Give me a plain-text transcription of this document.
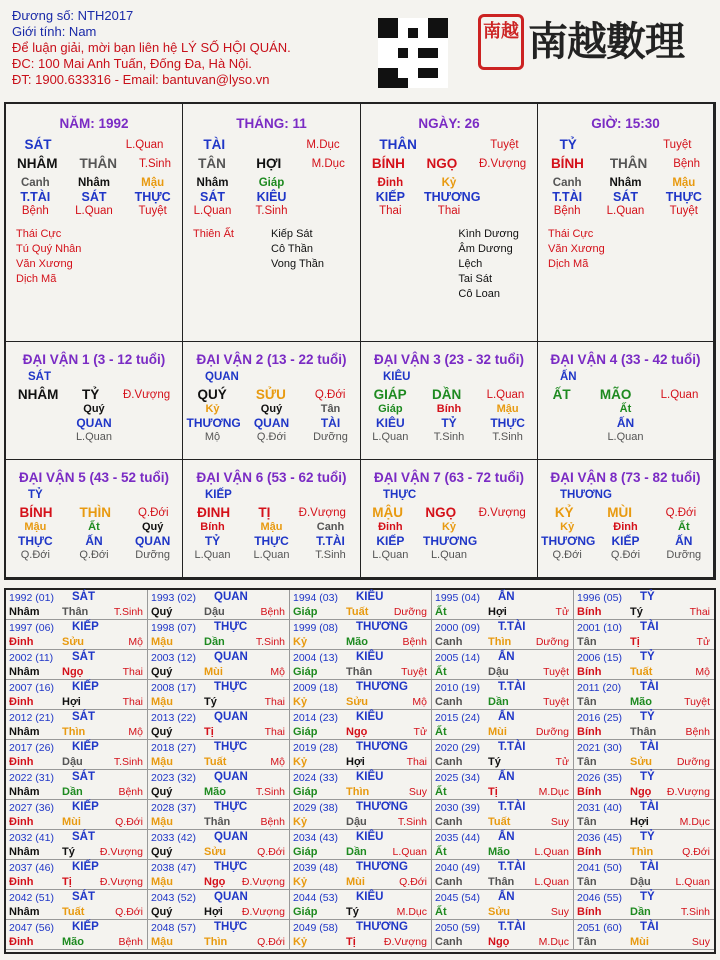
Đương số: NTH2017
Giới tính: Nam
Để luận giải, mời bạn liên hệ LÝ SỐ HỘI QUÁN.
ĐC: 100 Mai Anh Tuấn, Đống Đa, Hà Nội.
ĐT: 1900.633316 - Email: bantuvan@lyso.vn
南越 南越數理
NĂM: 1992
SÁT	L.Quan
NHÂM THÂN T.Sinh
Canh	Nhâm	Mậu
T.TÀI	SÁT	THỰC
Bệnh	L.Quan	Tuyệt
Thái Cực
Tú Quý Nhân
Văn Xương
Dịch Mã
THÁNG: 11
TÀI	M.Dục
TÂN HỢI	M.Dục
Nhâm	Giáp
SÁT	KIÊU
L.Quan	T.Sinh
Thiên Ất	Kiếp Sát
Cô Thần
Vong Thần
NGÀY: 26
THÂN	Tuyệt
BÍNH NGỌ Đ.Vượng
Đinh	Kỷ
KIẾP	THƯƠNG
Thai	Thai
Kình Dương
Âm Dương Lệch
Tai Sát
Cô Loan
GIỜ: 15:30
TỶ	Tuyệt
BÍNH THÂN Bệnh
Canh	Nhâm	Mậu
T.TÀI	SÁT	THỰC
Bệnh	L.Quan	Tuyệt
Thái Cực
Văn Xương
Dịch Mã
ĐẠI VẬN 1 (3 - 12 tuổi)
SÁT
NHÂM TỶ Đ.Vượng
Quý
QUAN
L.Quan
ĐẠI VẬN 2 (13 - 22 tuổi)
QUAN
QUÝ SỬU	Q.Đới
Kỷ	Quý	Tân
THƯƠNG	QUAN	TÀI
Mộ	Q.Đới	Dưỡng
ĐẠI VẬN 3 (23 - 32 tuổi)
KIÊU
GIÁP DẦN L.Quan
Giáp	Bính	Mậu
KIÊU	TỶ	THỰC
L.Quan	T.Sinh	T.Sinh
ĐẠI VẬN 4 (33 - 42 tuổi)
ẤN
ẤT MÃO	L.Quan
Ất
ẤN
L.Quan
ĐẠI VẬN 5 (43 - 52 tuổi)
TỶ
BÍNH THÌN Q.Đới
Mậu	Ất	Quý
THỰC	ẤN	QUAN
Q.Đới	Q.Đới	Dưỡng
ĐẠI VẬN 6 (53 - 62 tuổi)
KIẾP
ĐINH TỊ Đ.Vượng
Bính	Mậu	Canh
TỶ	THỰC	T.TÀI
L.Quan	L.Quan	T.Sinh
ĐẠI VẬN 7 (63 - 72 tuổi)
THỰC
MẬU NGỌ Đ.Vượng
Đinh	Kỷ
KIẾP	THƯƠNG
L.Quan	L.Quan
ĐẠI VẬN 8 (73 - 82 tuổi)
THƯƠNG
KỶ MÙI	Q.Đới
Kỷ	Đinh	Ất
THƯƠNG	KIẾP	ẤN
Q.Đới	Q.Đới	Dưỡng
1992 (01) SÁT
Nhâm Thân T.Sinh
1993 (02) QUAN
Quý	Dậu	Bệnh
1994 (03) KIÊU
Giáp	Tuất Dưỡng
1995 (04) ẤN
Ất	Hợi	Tử
1996 (05) TỶ
Bính	Tý	Thai
1997 (06) KIẾP
Đinh	Sửu	Mộ
1998 (07) THỰC
Mậu	Dần	T.Sinh
1999 (08) THƯƠNG
Kỷ	Mão	Bệnh
2000 (09) T.TÀI
Canh Thìn Dưỡng
2001 (10) TÀI
Tân	Tị	Tử
2002 (11) SÁT
Nhâm Ngọ	Thai
2003 (12) QUAN
Quý	Mùi	Mộ
2004 (13) KIÊU
Giáp	Thân	Tuyệt
2005 (14) ẤN
Ất	Dậu	Tuyệt
2006 (15) TỶ
Bính	Tuất	Mộ
2007 (16) KIẾP
Đinh	Hợi	Thai
2008 (17) THỰC
Mậu	Tý	Thai
2009 (18) THƯƠNG
Kỷ	Sửu	Mộ
2010 (19) T.TÀI
Canh Dần	Tuyệt
2011 (20) TÀI
Tân	Mão	Tuyệt
2012 (21) SÁT
Nhâm Thìn	Mộ
2013 (22) QUAN
Quý	Tị	Thai
2014 (23) KIÊU
Giáp	Ngọ	Tử
2015 (24) ẤN
Ất	Mùi	Dưỡng
2016 (25) TỶ
Bính	Thân	Bệnh
2017 (26) KIẾP
Đinh	Dậu	T.Sinh
2018 (27) THỰC
Mậu	Tuất	Mộ
2019 (28) THƯƠNG
Kỷ	Hợi	Thai
2020 (29) T.TÀI
Canh Tý	Tử
2021 (30) TÀI
Tân	Sửu Dưỡng
2022 (31) SÁT
Nhâm Dần	Bệnh
2023 (32) QUAN
Quý	Mão	T.Sinh
2024 (33) KIÊU
Giáp	Thìn	Suy
2025 (34) ẤN
Ất	Tị	M.Dục
2026 (35) TỶ
Bính	Ngọ Đ.Vượng
2027 (36) KIẾP
Đinh	Mùi	Q.Đới
2028 (37) THỰC
Mậu	Thân	Bệnh
2029 (38) THƯƠNG
Kỷ	Dậu	T.Sinh
2030 (39) T.TÀI
Canh Tuất	Suy
2031 (40) TÀI
Tân	Hợi	M.Dục
2032 (41) SÁT
Nhâm Tý Đ.Vượng
2033 (42) QUAN
Quý	Sửu	Q.Đới
2034 (43) KIÊU
Giáp	Dần L.Quan
2035 (44) ẤN
Ất	Mão L.Quan
2036 (45) TỶ
Bính	Thìn	Q.Đới
2037 (46) KIẾP
Đinh	Tị	Đ.Vượng
2038 (47) THỰC
Mậu	Ngọ Đ.Vượng
2039 (48) THƯƠNG
Kỷ	Mùi	Q.Đới
2040 (49) T.TÀI
Canh Thân L.Quan
2041 (50) TÀI
Tân	Dậu L.Quan
2042 (51) SÁT
Nhâm Tuất	Q.Đới
2043 (52) QUAN
Quý	Hợi Đ.Vượng
2044 (53) KIÊU
Giáp	Tý	M.Dục
2045 (54) ẤN
Ất	Sửu	Suy
2046 (55) TỶ
Bính	Dần	T.Sinh
2047 (56) KIẾP
Đinh	Mão	Bệnh
2048 (57) THỰC
Mậu	Thìn	Q.Đới
2049 (58) THƯƠNG
Kỷ	Tị	Đ.Vượng
2050 (59) T.TÀI
Canh Ngọ	M.Dục
2051 (60) TÀI
Tân	Mùi	Suy
